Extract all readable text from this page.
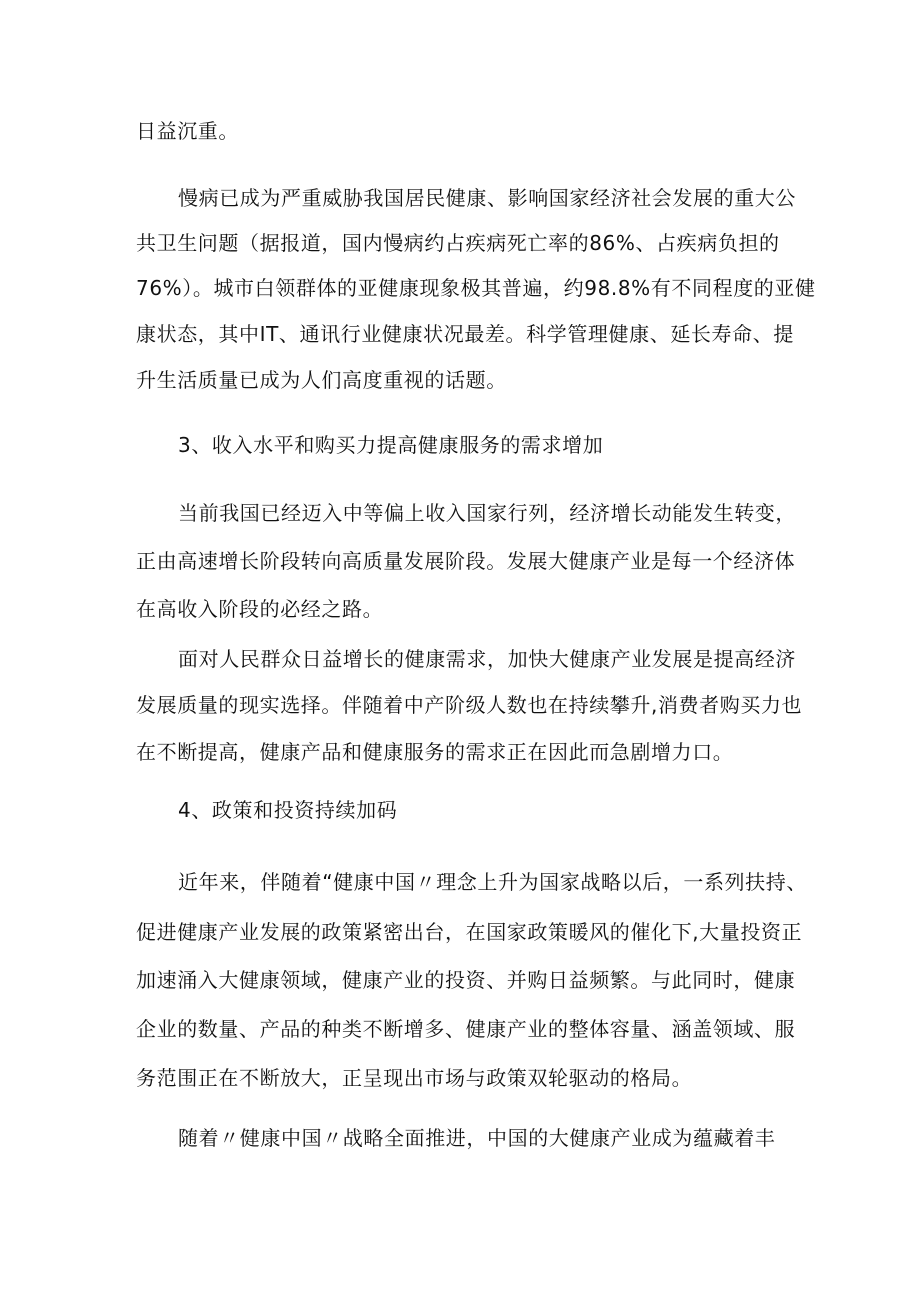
日益沉重。
慢病已成为严重威胁我国居民健康、影响国家经济社会发展的重大公
共卫生问题（据报道，国内慢病约占疾病死亡率的86%、占疾病负担的
76%）。城市白领群体的亚健康现象极其普遍，约98.8%有不同程度的亚健
康状态，其中IT、通讯行业健康状况最差。科学管理健康、延长寿命、提
升生活质量已成为人们高度重视的话题。
3、收入水平和购买力提高健康服务的需求增加
当前我国已经迈入中等偏上收入国家行列，经济增长动能发生转变，
正由高速增长阶段转向高质量发展阶段。发展大健康产业是每一个经济体
在高收入阶段的必经之路。
面对人民群众日益增长的健康需求，加快大健康产业发展是提高经济
发展质量的现实选择。伴随着中产阶级人数也在持续攀升,消费者购买力也
在不断提高，健康产品和健康服务的需求正在因此而急剧增力口。
4、政策和投资持续加码
近年来，伴随着“健康中国〃理念上升为国家战略以后，一系列扶持、
促进健康产业发展的政策紧密出台，在国家政策暖风的催化下,大量投资正
加速涌入大健康领域，健康产业的投资、并购日益频繁。与此同时，健康
企业的数量、产品的种类不断增多、健康产业的整体容量、涵盖领域、服
务范围正在不断放大，正呈现出市场与政策双轮驱动的格局。
随着〃健康中国〃战略全面推进，中国的大健康产业成为蕴藏着丰
